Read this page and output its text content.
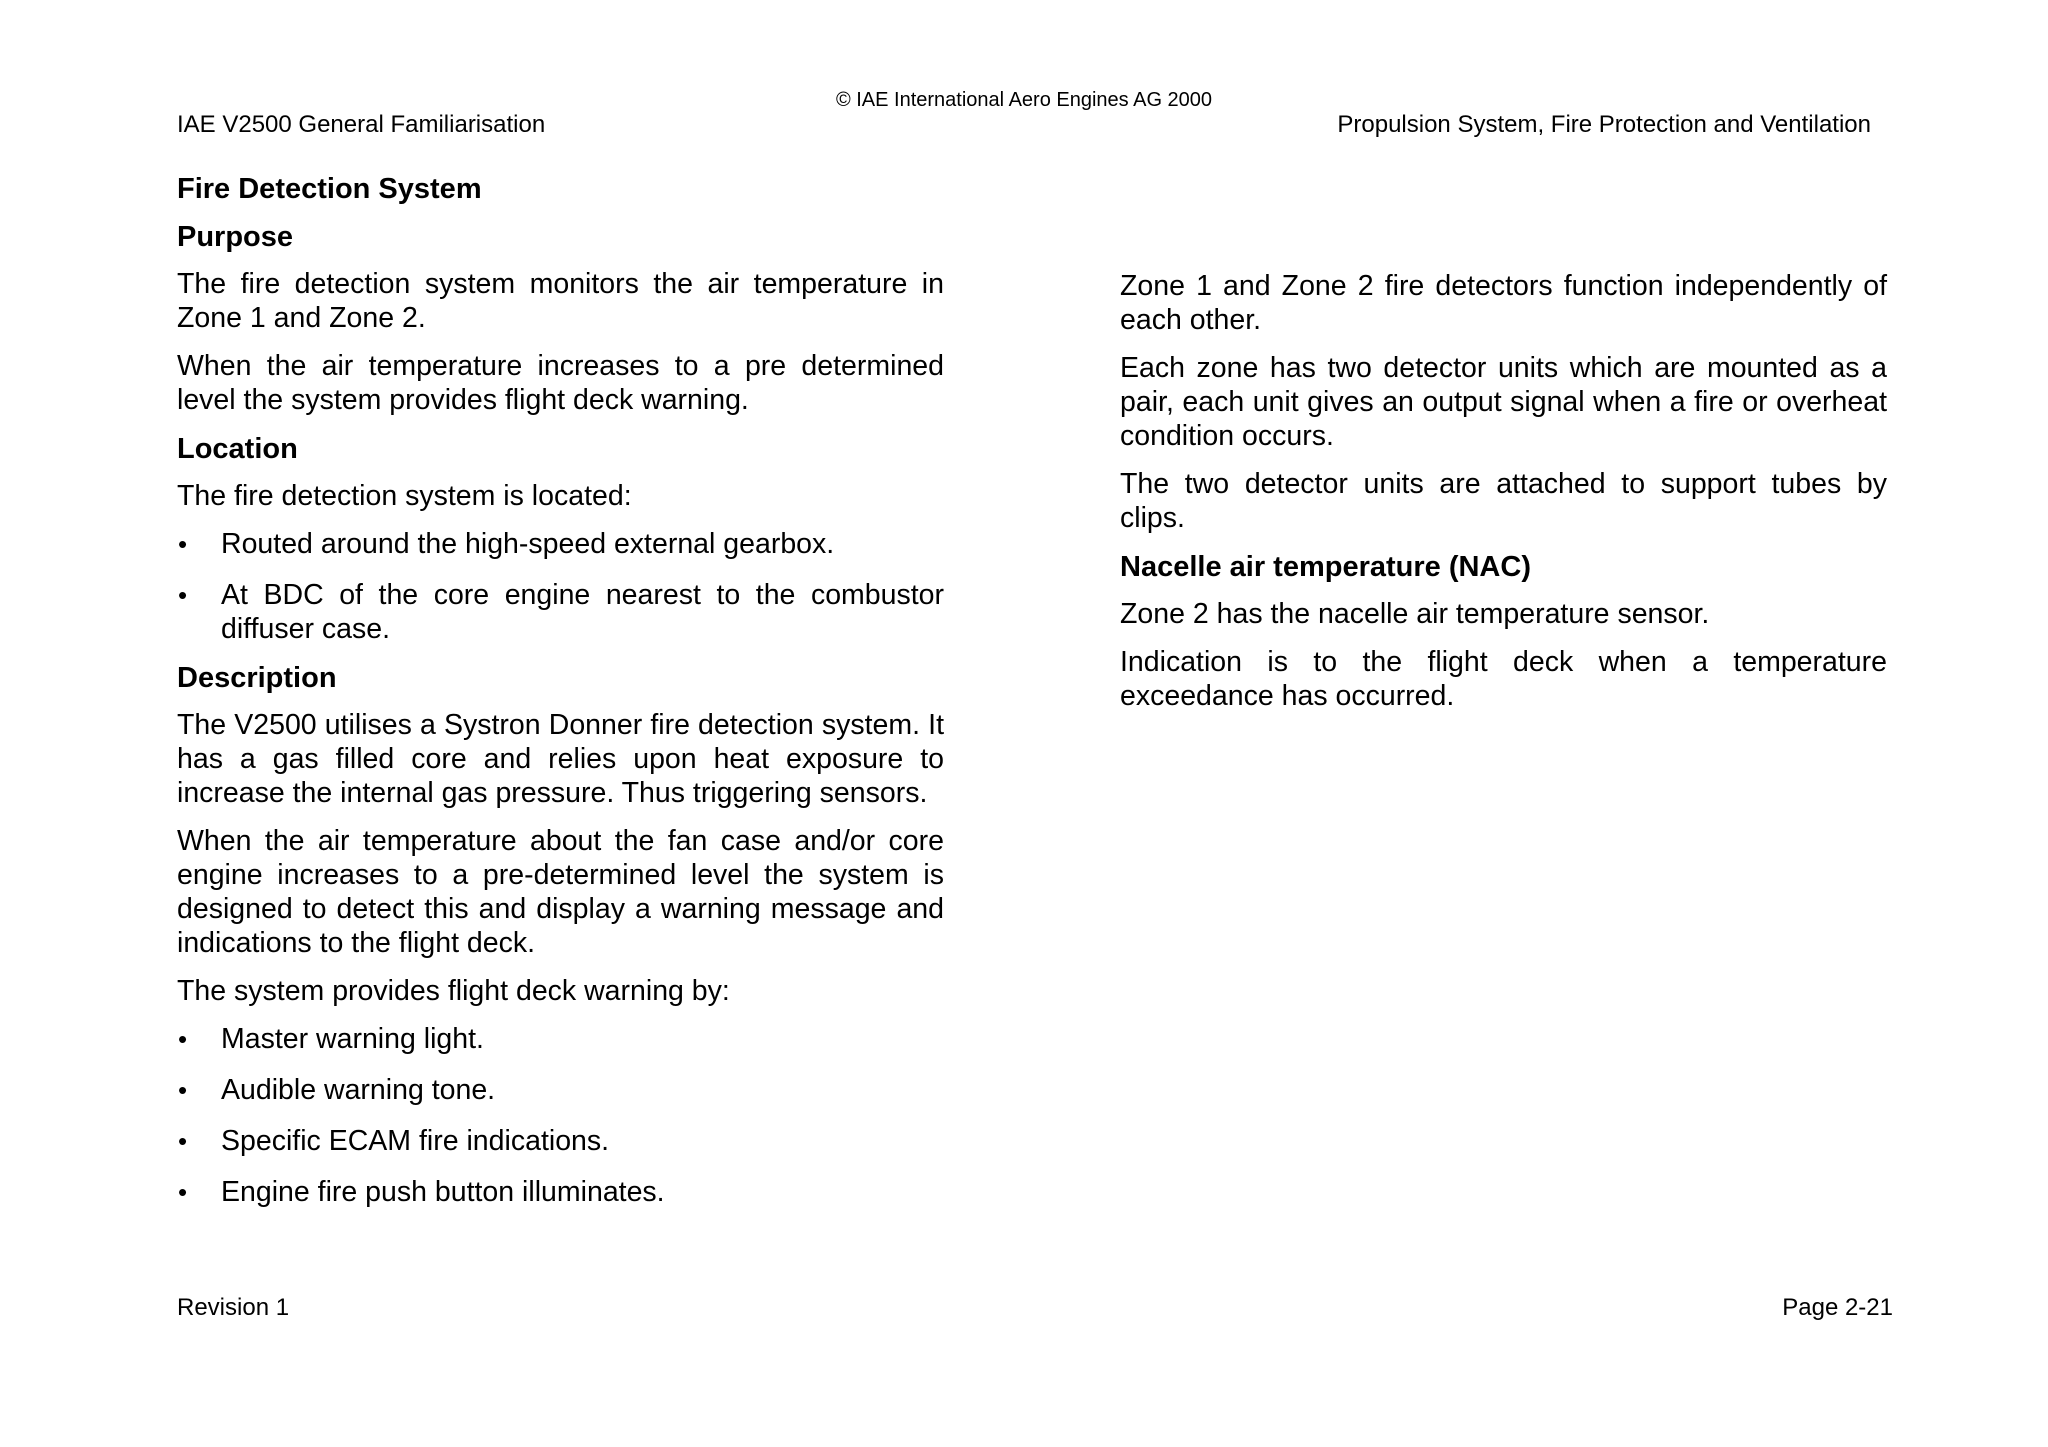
© IAE International Aero Engines AG 2000
IAE V2500 General Familiarisation	Propulsion System, Fire Protection and Ventilation
Fire Detection System
Purpose

The fire detection system monitors the air temperature in Zone 1 and Zone 2.

When the air temperature increases to a pre determined level the system provides flight deck warning.

Location

The fire detection system is located:

• Routed around the high-speed external gearbox.
• At BDC of the core engine nearest to the combustor diffuser case.
Description

The V2500 utilises a Systron Donner fire detection system. It has a gas filled core and relies upon heat exposure to increase the internal gas pressure. Thus triggering sensors.

When the air temperature about the fan case and/or core engine increases to a pre-determined level the system is designed to detect this and display a warning message and indications to the flight deck.

The system provides flight deck warning by:

• Master warning light.
• Audible warning tone.
• Specific ECAM fire indications.
• Engine fire push button illuminates.

Zone 1 and Zone 2 fire detectors function independently of each other.

Each zone has two detector units which are mounted as a pair, each unit gives an output signal when a fire or overheat condition occurs.

The two detector units are attached to support tubes by clips.

Nacelle air temperature (NAC)

Zone 2 has the nacelle air temperature sensor.

Indication is to the flight deck when a temperature exceedance has occurred.

Revision 1	Page 2-21
